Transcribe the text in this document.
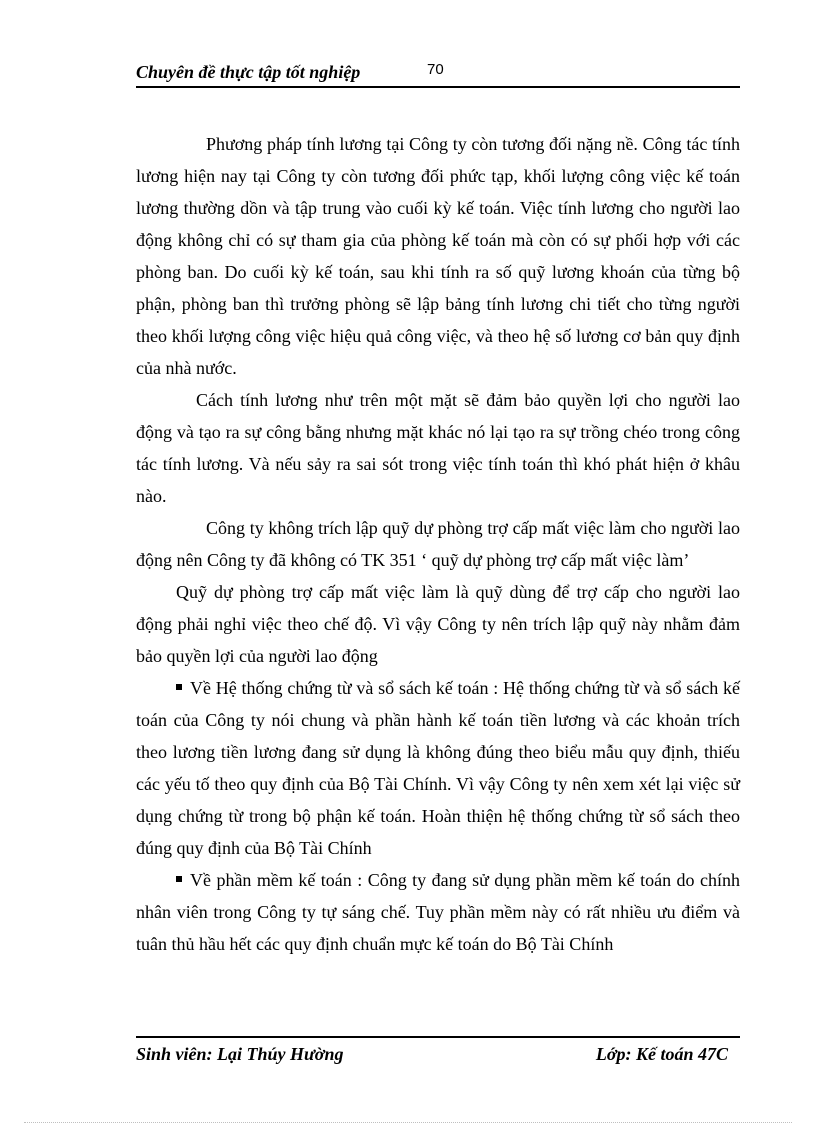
Chuyên đề thực tập tốt nghiệp	70

Phương pháp tính lương tại Công ty còn tương đối nặng nề. Công tác tính lương hiện nay tại Công ty còn tương đối phức tạp, khối lượng công việc kế toán lương thường dồn và tập trung vào cuối kỳ kế toán. Việc tính lương cho người lao động không chỉ có sự tham gia của phòng kế toán mà còn có sự phối hợp với các phòng ban. Do cuối kỳ kế toán, sau khi tính ra số quỹ lương khoán của từng bộ phận, phòng ban thì trưởng phòng sẽ lập bảng tính lương chi tiết cho từng người theo khối lượng công việc hiệu quả công việc, và theo hệ số lương cơ bản quy định của nhà nước.

Cách tính lương như trên một mặt sẽ đảm bảo quyền lợi cho người lao động và tạo ra sự công bằng nhưng mặt khác nó lại tạo ra sự trồng chéo trong công tác tính lương. Và nếu sảy ra sai sót trong việc tính toán thì khó phát hiện ở khâu nào.

Công ty không trích lập quỹ dự phòng trợ cấp mất việc làm cho người lao động nên Công ty đã không có TK 351 ‘ quỹ dự phòng trợ cấp mất việc làm’

Quỹ dự phòng trợ cấp mất việc làm là quỹ dùng để trợ cấp cho người lao động phải nghỉ việc theo chế độ. Vì vậy Công ty nên trích lập quỹ này nhằm đảm bảo quyền lợi của người lao động

Về Hệ thống chứng từ và sổ sách kế toán : Hệ thống chứng từ và sổ sách kế toán của Công ty nói chung và phần hành kế toán tiền lương và các khoản trích theo lương tiền lương đang sử dụng là không đúng theo biểu mẫu quy định, thiếu các yếu tố theo quy định của Bộ Tài Chính. Vì vậy Công ty nên xem xét lại việc sử dụng chứng từ trong bộ phận kế toán. Hoàn thiện hệ thống chứng từ sổ sách theo đúng quy định của Bộ Tài Chính

Về phần mềm kế toán : Công ty đang sử dụng phần mềm kế toán do chính nhân viên trong Công ty tự sáng chế. Tuy phần mềm này có rất nhiều ưu điểm và tuân thủ hầu hết các quy định chuẩn mực kế toán do Bộ Tài Chính

Sinh viên: Lại Thúy Hường	Lớp: Kế toán 47C
